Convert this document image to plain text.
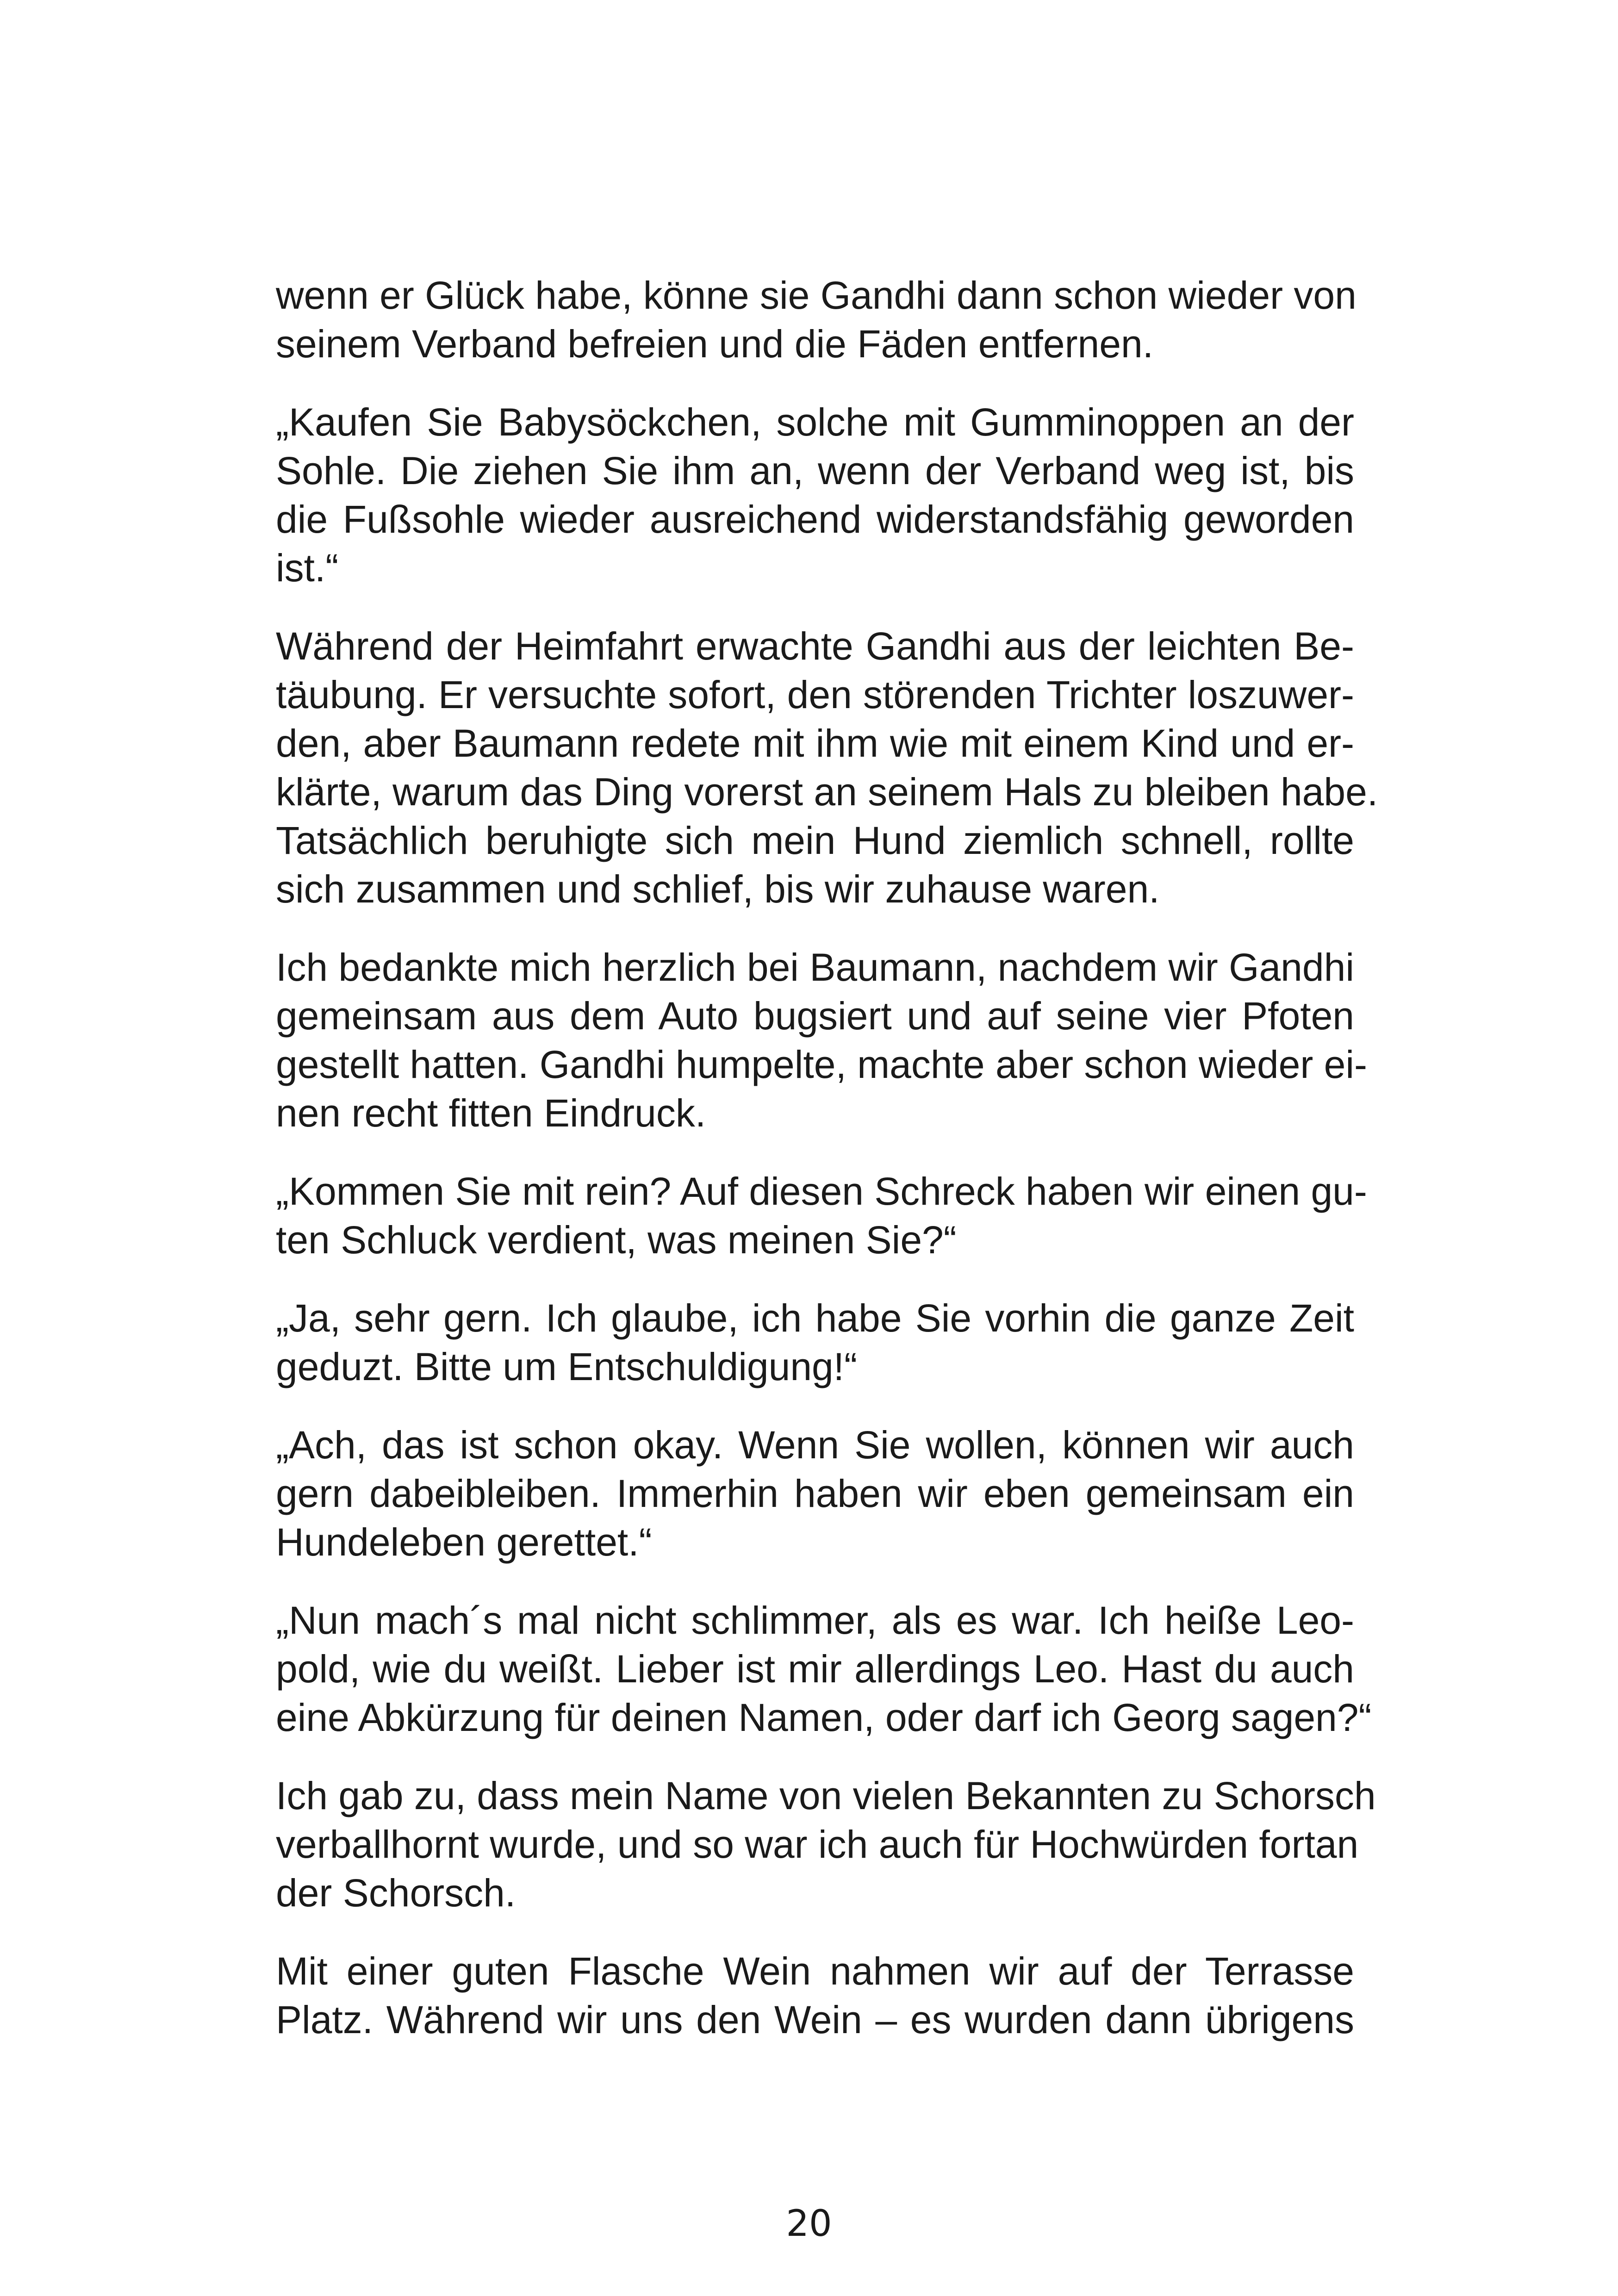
wenn er Glück habe, könne sie Gandhi dann schon wieder von
seinem Verband befreien und die Fäden entfernen.
„Kaufen Sie Babysöckchen, solche mit Gumminoppen an der
Sohle. Die ziehen Sie ihm an, wenn der Verband weg ist, bis
die Fußsohle wieder ausreichend widerstandsfähig geworden
ist.“
Während der Heimfahrt erwachte Gandhi aus der leichten Be-
täubung. Er versuchte sofort, den störenden Trichter loszuwer-
den, aber Baumann redete mit ihm wie mit einem Kind und er-
klärte, warum das Ding vorerst an seinem Hals zu bleiben habe.
Tatsächlich beruhigte sich mein Hund ziemlich schnell, rollte
sich zusammen und schlief, bis wir zuhause waren.
Ich bedankte mich herzlich bei Baumann, nachdem wir Gandhi
gemeinsam aus dem Auto bugsiert und auf seine vier Pfoten
gestellt hatten. Gandhi humpelte, machte aber schon wieder ei-
nen recht fitten Eindruck.
„Kommen Sie mit rein? Auf diesen Schreck haben wir einen gu-
ten Schluck verdient, was meinen Sie?“
„Ja, sehr gern. Ich glaube, ich habe Sie vorhin die ganze Zeit
geduzt. Bitte um Entschuldigung!“
„Ach, das ist schon okay. Wenn Sie wollen, können wir auch
gern dabeibleiben. Immerhin haben wir eben gemeinsam ein
Hundeleben gerettet.“
„Nun mach´s mal nicht schlimmer, als es war. Ich heiße Leo-
pold, wie du weißt. Lieber ist mir allerdings Leo. Hast du auch
eine Abkürzung für deinen Namen, oder darf ich Georg sagen?“
Ich gab zu, dass mein Name von vielen Bekannten zu Schorsch
verballhornt wurde, und so war ich auch für Hochwürden fortan
der Schorsch.
Mit einer guten Flasche Wein nahmen wir auf der Terrasse
Platz. Während wir uns den Wein – es wurden dann übrigens
20
